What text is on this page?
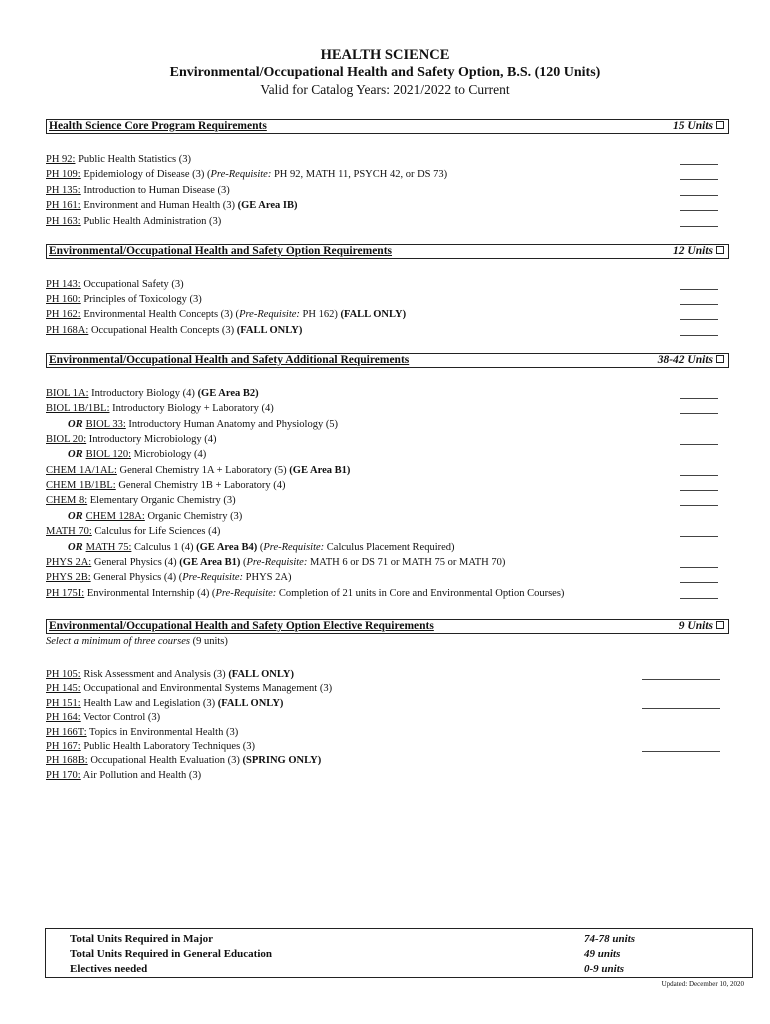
HEALTH SCIENCE
Environmental/Occupational Health and Safety Option, B.S. (120 Units)
Valid for Catalog Years: 2021/2022 to Current
Health Science Core Program Requirements	15 Units
PH 92: Public Health Statistics (3)
PH 109: Epidemiology of Disease (3) (Pre-Requisite: PH 92, MATH 11, PSYCH 42, or DS 73)
PH 135: Introduction to Human Disease (3)
PH 161: Environment and Human Health (3) (GE Area IB)
PH 163: Public Health Administration (3)
Environmental/Occupational Health and Safety Option Requirements	12 Units
PH 143: Occupational Safety (3)
PH 160: Principles of Toxicology (3)
PH 162: Environmental Health Concepts (3) (Pre-Requisite: PH 162) (FALL ONLY)
PH 168A: Occupational Health Concepts (3) (FALL ONLY)
Environmental/Occupational Health and Safety Additional Requirements	38-42 Units
BIOL 1A: Introductory Biology (4) (GE Area B2)
BIOL 1B/1BL: Introductory Biology + Laboratory (4)
OR BIOL 33: Introductory Human Anatomy and Physiology (5)
BIOL 20: Introductory Microbiology (4)
OR BIOL 120: Microbiology (4)
CHEM 1A/1AL: General Chemistry 1A + Laboratory (5) (GE Area B1)
CHEM 1B/1BL: General Chemistry 1B + Laboratory (4)
CHEM 8: Elementary Organic Chemistry (3)
OR CHEM 128A: Organic Chemistry (3)
MATH 70: Calculus for Life Sciences (4)
OR MATH 75: Calculus 1 (4) (GE Area B4) (Pre-Requisite: Calculus Placement Required)
PHYS 2A: General Physics (4) (GE Area B1) (Pre-Requisite: MATH 6 or DS 71 or MATH 75 or MATH 70)
PHYS 2B: General Physics (4) (Pre-Requisite: PHYS 2A)
PH 175I: Environmental Internship (4) (Pre-Requisite: Completion of 21 units in Core and Environmental Option Courses)
Environmental/Occupational Health and Safety Option Elective Requirements	9 Units
Select a minimum of three courses (9 units)
PH 105: Risk Assessment and Analysis (3) (FALL ONLY)
PH 145: Occupational and Environmental Systems Management (3)
PH 151: Health Law and Legislation (3) (FALL ONLY)
PH 164: Vector Control (3)
PH 166T: Topics in Environmental Health (3)
PH 167: Public Health Laboratory Techniques (3)
PH 168B: Occupational Health Evaluation (3) (SPRING ONLY)
PH 170: Air Pollution and Health (3)
Total Units Required in Major	74-78 units
Total Units Required in General Education	49 units
Electives needed	0-9 units
Updated: December 10, 2020
